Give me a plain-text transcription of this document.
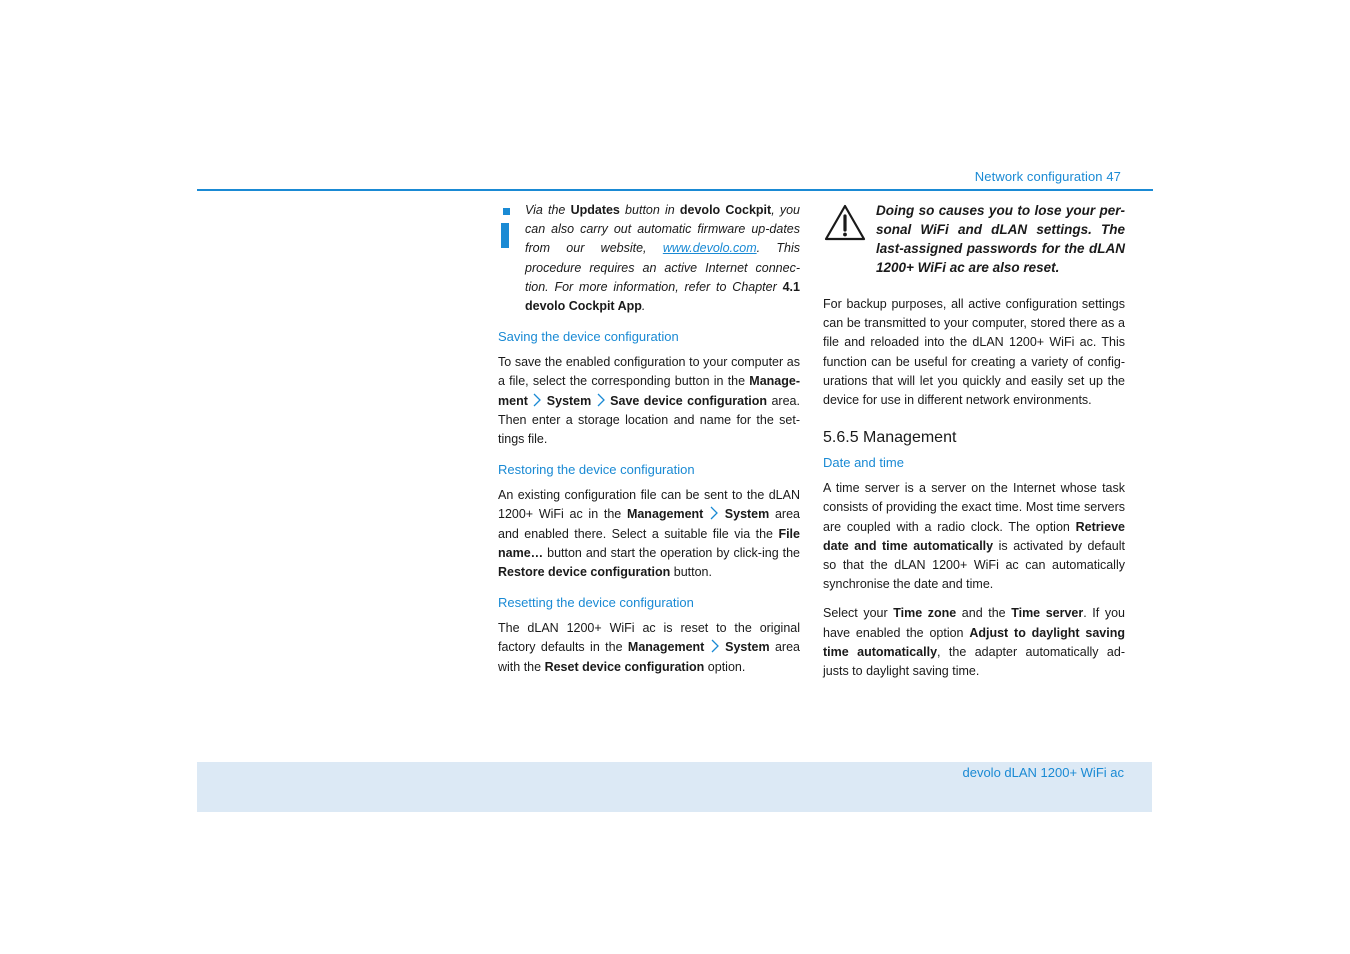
Network configuration 47

Via the Updates button in devolo Cockpit, you can also carry out automatic firmware up-dates from our website, www.devolo.com. This procedure requires an active Internet connec-tion. For more information, refer to Chapter 4.1 devolo Cockpit App.

Saving the device configuration

To save the enabled configuration to your computer as a file, select the corresponding button in the Manage-ment System Save device configuration area. Then enter a storage location and name for the set-tings file.

Restoring the device configuration

An existing configuration file can be sent to the dLAN 1200+ WiFi ac in the Management System area and enabled there. Select a suitable file via the File name… button and start the operation by click-ing the Restore device configuration button.

Resetting the device configuration

The dLAN 1200+ WiFi ac is reset to the original factory defaults in the Management System area with the Reset device configuration option.

Doing so causes you to lose your per-sonal WiFi and dLAN settings. The last-assigned passwords for the dLAN 1200+ WiFi ac are also reset.

For backup purposes, all active configuration settings can be transmitted to your computer, stored there as a file and reloaded into the dLAN 1200+ WiFi ac. This function can be useful for creating a variety of config-urations that will let you quickly and easily set up the device for use in different network environments.

5.6.5 Management
Date and time

A time server is a server on the Internet whose task consists of providing the exact time. Most time servers are coupled with a radio clock. The option Retrieve date and time automatically is activated by default so that the dLAN 1200+ WiFi ac can automatically synchronise the date and time.

Select your Time zone and the Time server. If you have enabled the option Adjust to daylight saving time automatically, the adapter automatically ad-justs to daylight saving time.

devolo dLAN 1200+ WiFi ac
